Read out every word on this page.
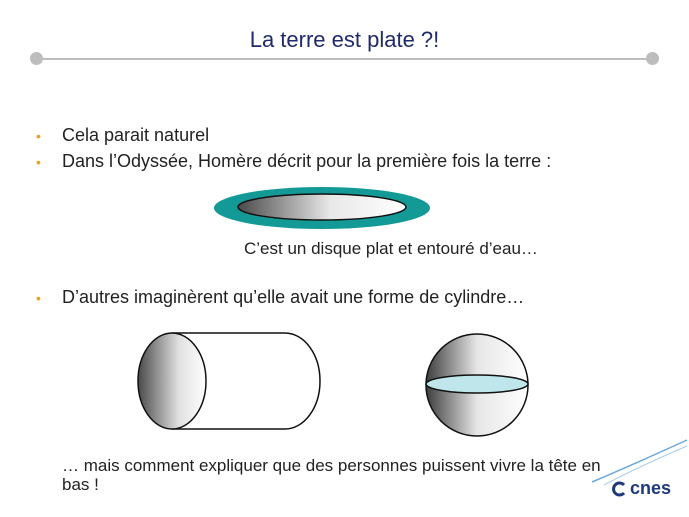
La terre est plate ?!
•	Cela parait naturel
•	Dans l’Odyssée, Homère décrit pour la première fois la terre :
C’est un disque plat et entouré d’eau…
•	D’autres imaginèrent qu’elle avait une forme de cylindre…
… mais comment expliquer que des personnes puissent vivre la tête en bas !	cnes
